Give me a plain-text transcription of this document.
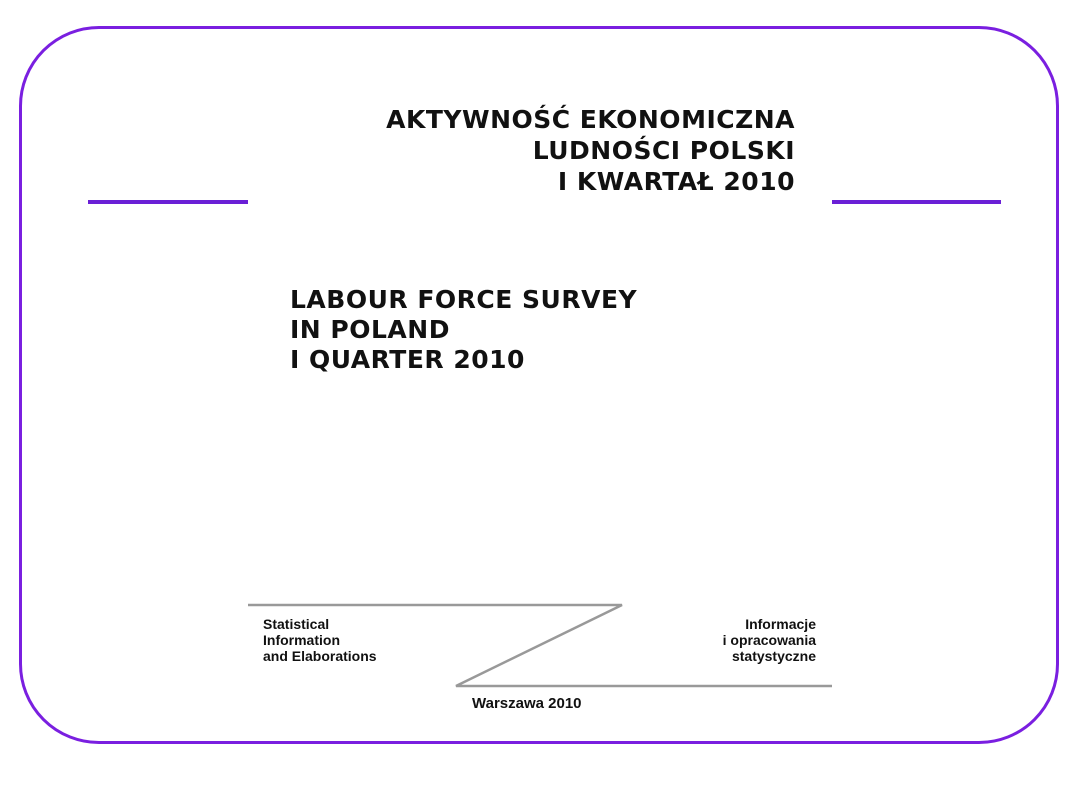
AKTYWNOŚĆ EKONOMICZNA
LUDNOŚCI POLSKI
I KWARTAŁ 2010
LABOUR FORCE SURVEY
IN POLAND
I QUARTER 2010
Statistical
Information
and Elaborations
Informacje
i opracowania
statystyczne
Warszawa 2010
